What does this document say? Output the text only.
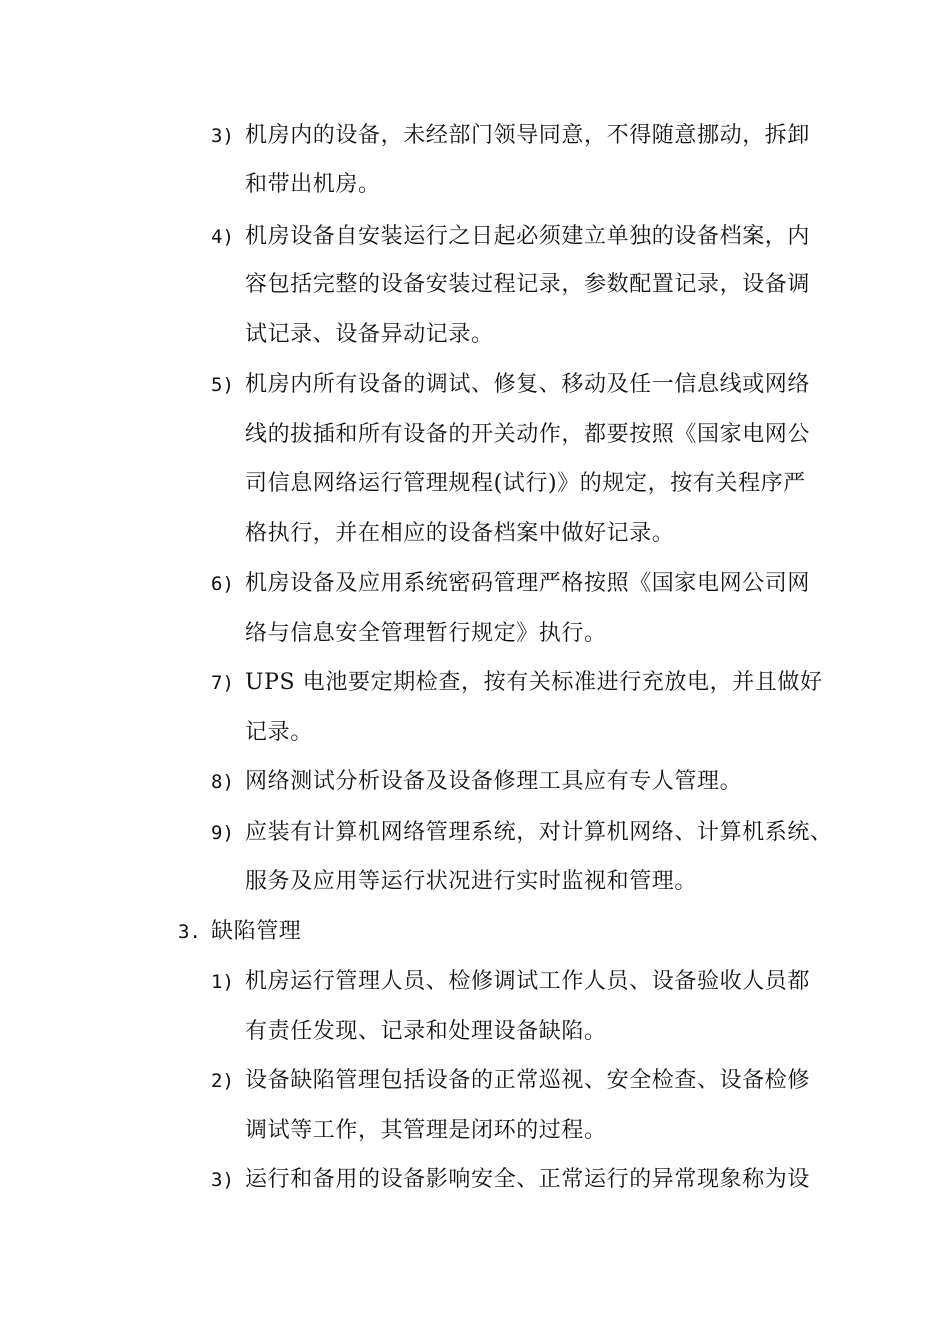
3) 机房内的设备，未经部门领导同意，不得随意挪动，拆卸
和带出机房。
4) 机房设备自安装运行之日起必须建立单独的设备档案，内
容包括完整的设备安装过程记录，参数配置记录，设备调
试记录、设备异动记录。
5) 机房内所有设备的调试、修复、移动及任一信息线或网络
线的拔插和所有设备的开关动作，都要按照《国家电网公
司信息网络运行管理规程(试行)》的规定，按有关程序严
格执行，并在相应的设备档案中做好记录。
6) 机房设备及应用系统密码管理严格按照《国家电网公司网
络与信息安全管理暂行规定》执行。
7) UPS 电池要定期检查，按有关标准进行充放电，并且做好
记录。
8) 网络测试分析设备及设备修理工具应有专人管理。
9) 应装有计算机网络管理系统，对计算机网络、计算机系统、
服务及应用等运行状况进行实时监视和管理。
3. 缺陷管理
1) 机房运行管理人员、检修调试工作人员、设备验收人员都
有责任发现、记录和处理设备缺陷。
2) 设备缺陷管理包括设备的正常巡视、安全检查、设备检修
调试等工作，其管理是闭环的过程。
3) 运行和备用的设备影响安全、正常运行的异常现象称为设
